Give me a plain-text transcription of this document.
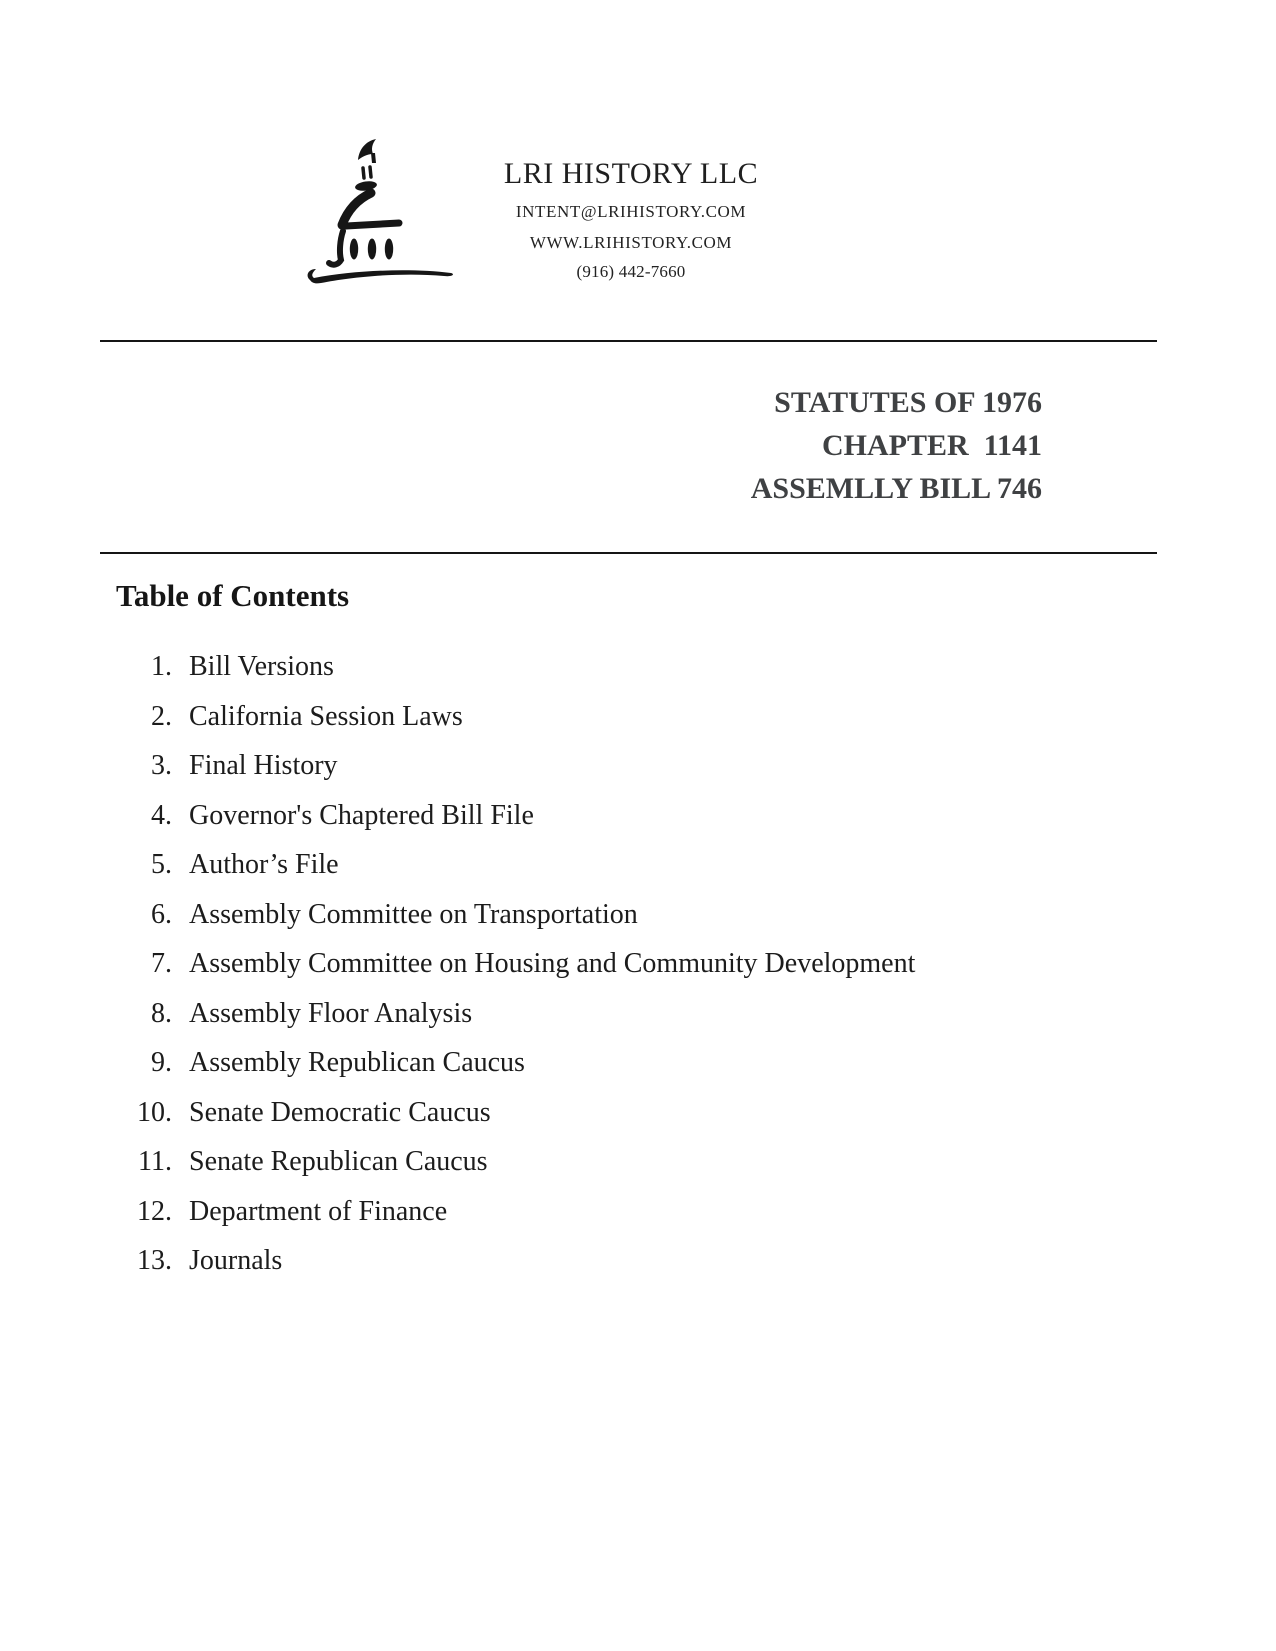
LRI HISTORY LLC
INTENT@LRIHISTORY.COM
WWW.LRIHISTORY.COM
(916) 442-7660
STATUTES OF 1976
CHAPTER  1141
ASSEMLLY BILL 746
Table of Contents
1. Bill Versions
2. California Session Laws
3. Final History
4. Governor's Chaptered Bill File
5. Author’s File
6. Assembly Committee on Transportation
7. Assembly Committee on Housing and Community Development
8. Assembly Floor Analysis
9. Assembly Republican Caucus
10. Senate Democratic Caucus
11. Senate Republican Caucus
12. Department of Finance
13. Journals
